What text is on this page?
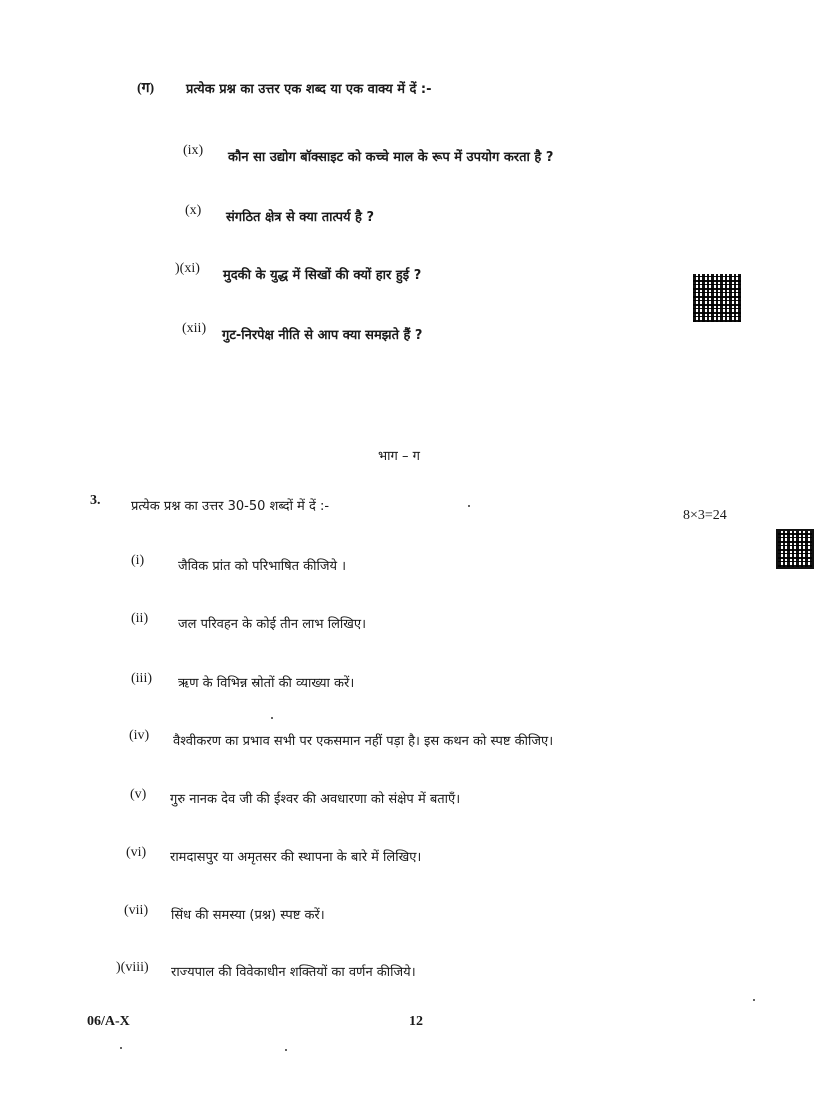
(ग) प्रत्येक प्रश्न का उत्तर एक शब्द या एक वाक्य में दें :-
(ix) कौन सा उद्योग बॉक्साइट को कच्चे माल के रूप में उपयोग करता है ?
(x) संगठित क्षेत्र से क्या तात्पर्य है ?
)(xi) मुदकी के युद्ध में सिखों की क्यों हार हुई ?
(xii) गुट-निरपेक्ष नीति से आप क्या समझते हैं ?
भाग – ग
3. प्रत्येक प्रश्न का उत्तर 30-50 शब्दों में दें :-
8×3=24
(i)	जैविक प्रांत को परिभाषित कीजिये ।
(ii) जल परिवहन के कोई तीन लाभ लिखिए।
(iii) ऋण के विभिन्न स्रोतों की व्याख्या करें।
(iv) वैश्वीकरण का प्रभाव सभी पर एकसमान नहीं पड़ा है। इस कथन को स्पष्ट कीजिए।
(v) गुरु नानक देव जी की ईश्वर की अवधारणा को संक्षेप में बताएँ।
(vi) रामदासपुर या अमृतसर की स्थापना के बारे में लिखिए।
(vii) सिंध की समस्या (प्रश्न) स्पष्ट करें।
)(viii) राज्यपाल की विवेकाधीन शक्तियों का वर्णन कीजिये।
06/A-X	12
